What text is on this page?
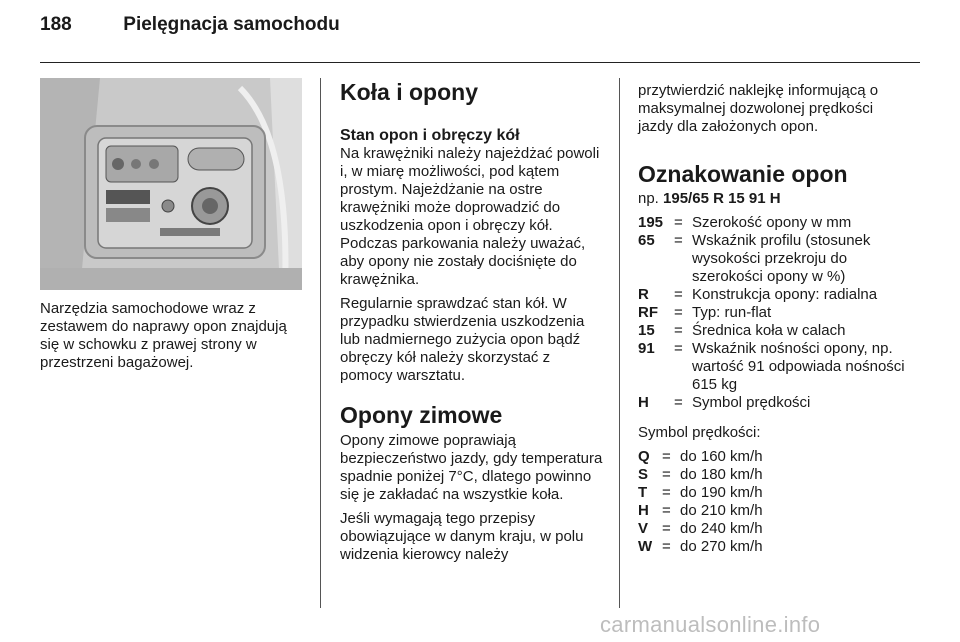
188	Pielęgnacja samochodu

Narzędzia samochodowe wraz z zestawem do naprawy opon znajdują się w schowku z prawej strony w przestrzeni bagażowej.

Koła i opony
Stan opon i obręczy kół

Na krawężniki należy najeżdżać powoli i, w miarę możliwości, pod kątem prostym. Najeżdżanie na ostre krawężniki może doprowadzić do uszkodzenia opon i obręczy kół. Podczas parkowania należy uważać, aby opony nie zostały dociśnięte do krawężnika.

Regularnie sprawdzać stan kół. W przypadku stwierdzenia uszkodzenia lub nadmiernego zużycia opon bądź obręczy kół należy skorzystać z pomocy warsztatu.

Opony zimowe

Opony zimowe poprawiają bezpieczeństwo jazdy, gdy temperatura spadnie poniżej 7°C, dlatego powinno się je zakładać na wszystkie koła.

Jeśli wymagają tego przepisy obowiązujące w danym kraju, w polu widzenia kierowcy należy

przytwierdzić naklejkę informującą o maksymalnej dozwolonej prędkości jazdy dla założonych opon.

Oznakowanie opon

np. 195/65 R 15 91 H

195	=	Szerokość opony w mm
65	=	Wskaźnik profilu (stosunek wysokości przekroju do szerokości opony w %)
R	=	Konstrukcja opony: radialna
RF	=	Typ: run-flat
15	=	Średnica koła w calach
91	=	Wskaźnik nośności opony, np. wartość 91 odpowiada nośności 615 kg
H	=	Symbol prędkości

Symbol prędkości:

Q	=	do 160 km/h
S	=	do 180 km/h
T	=	do 190 km/h
H	=	do 210 km/h
V	=	do 240 km/h
W	=	do 270 km/h
carmanualsonline.info
